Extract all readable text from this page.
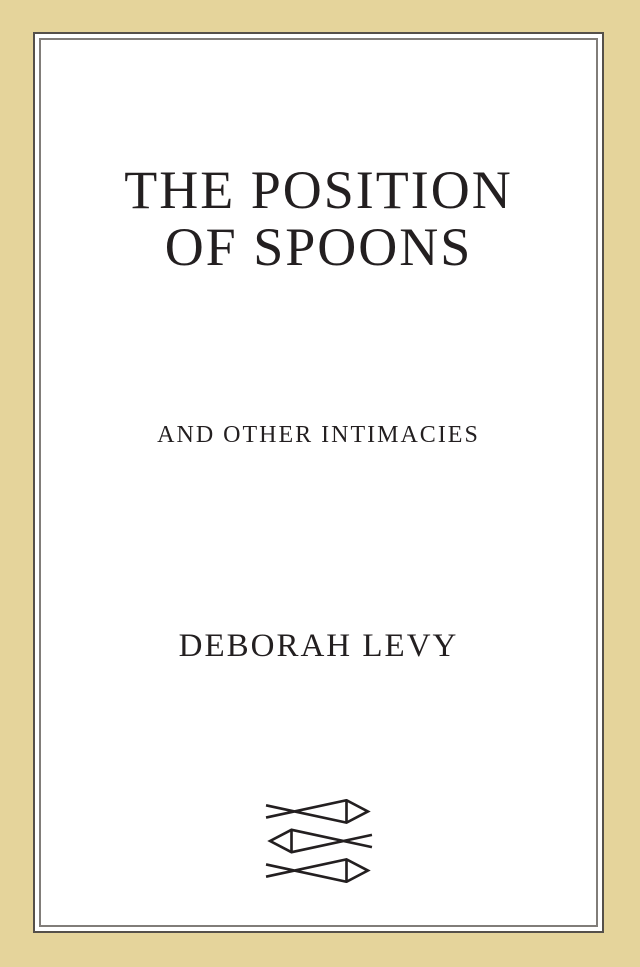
THE POSITION
OF SPOONS
AND OTHER INTIMACIES
DEBORAH LEVY
